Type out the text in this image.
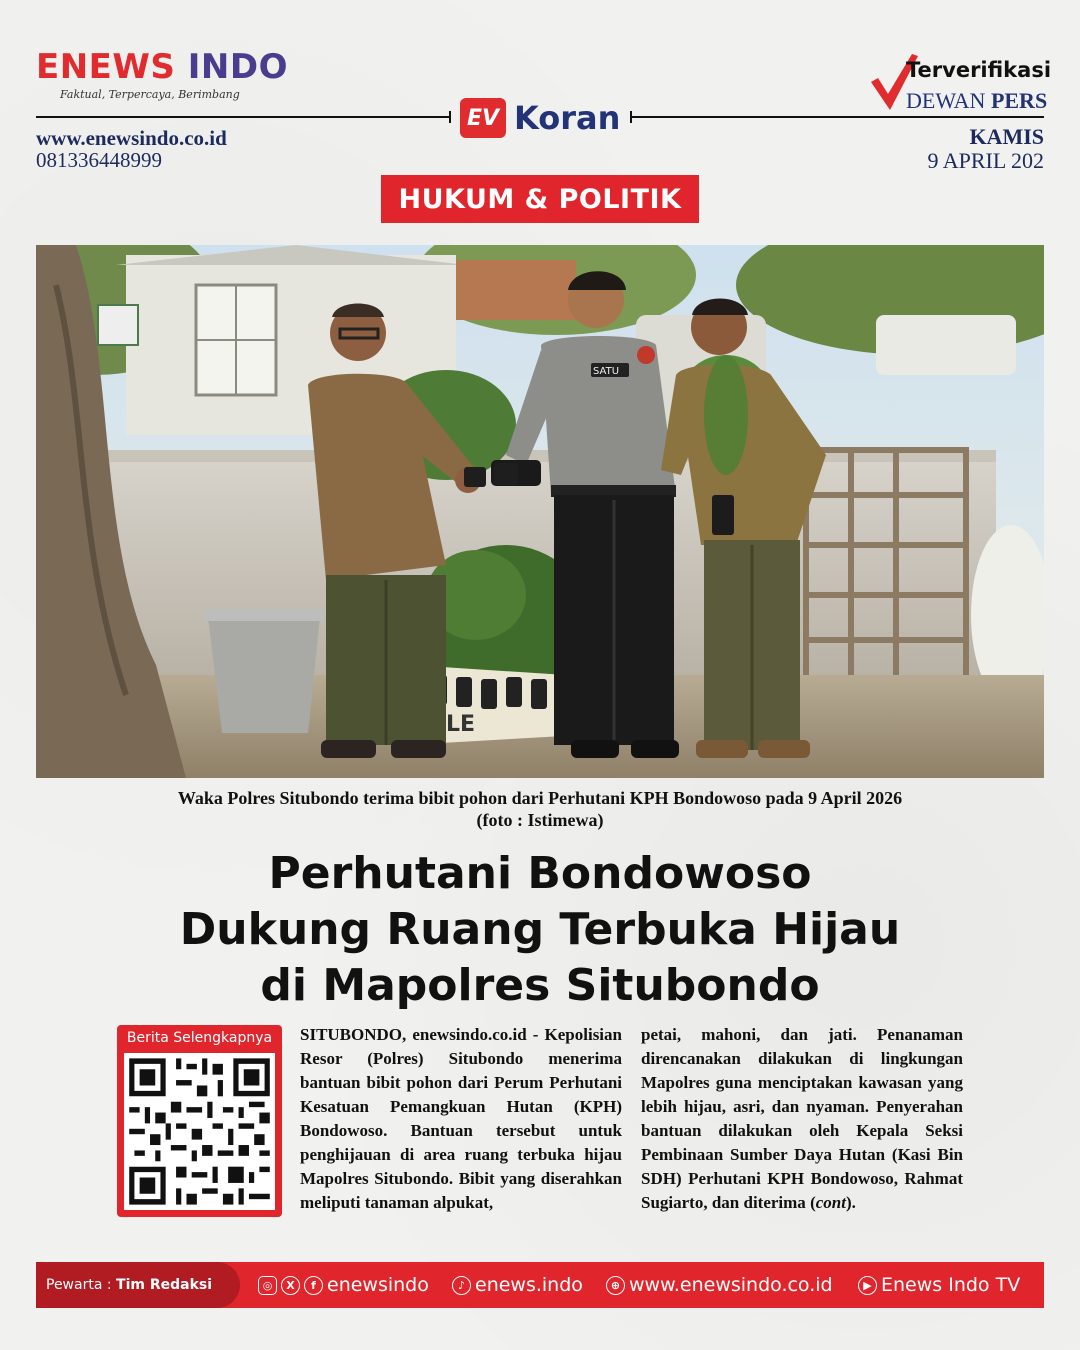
ENEWS INDO
Faktual, Terpercaya, Berimbang
www.enewsindo.co.id
081336448999
EV Koran
Terverifikasi
DEWAN PERS
KAMIS
9 APRIL 202
HUKUM & POLITIK
LE
SATU
Waka Polres Situbondo terima bibit pohon dari Perhutani KPH Bondowoso pada 9 April 2026
(foto : Istimewa)
Perhutani Bondowoso
Dukung Ruang Terbuka Hijau
di Mapolres Situbondo
Berita Selengkapnya	SITUBONDO, enewsindo.co.id - Kepolisian Resor (Polres) Situbondo menerima bantuan bibit pohon dari Perum Perhutani Kesatuan Pemangkuan Hutan (KPH) Bondowoso. Bantuan tersebut untuk penghijauan di area ruang terbuka hijau Mapolres Situbondo. Bibit yang diserahkan meliputi tanaman alpukat,
petai, mahoni, dan jati. Penanaman direncanakan dilakukan di lingkungan Mapolres guna menciptakan kawasan yang lebih hijau, asri, dan nyaman. Penyerahan bantuan dilakukan oleh Kepala Seksi Pembinaan Sumber Daya Hutan (Kasi Bin SDH) Perhutani KPH Bondowoso, Rahmat Sugiarto, dan diterima (cont).
Pewarta :
Tim Redaksi	◎	X	f enewsindo	♪ enews.indo	⊕ www.enewsindo.co.id	▶ Enews Indo TV
